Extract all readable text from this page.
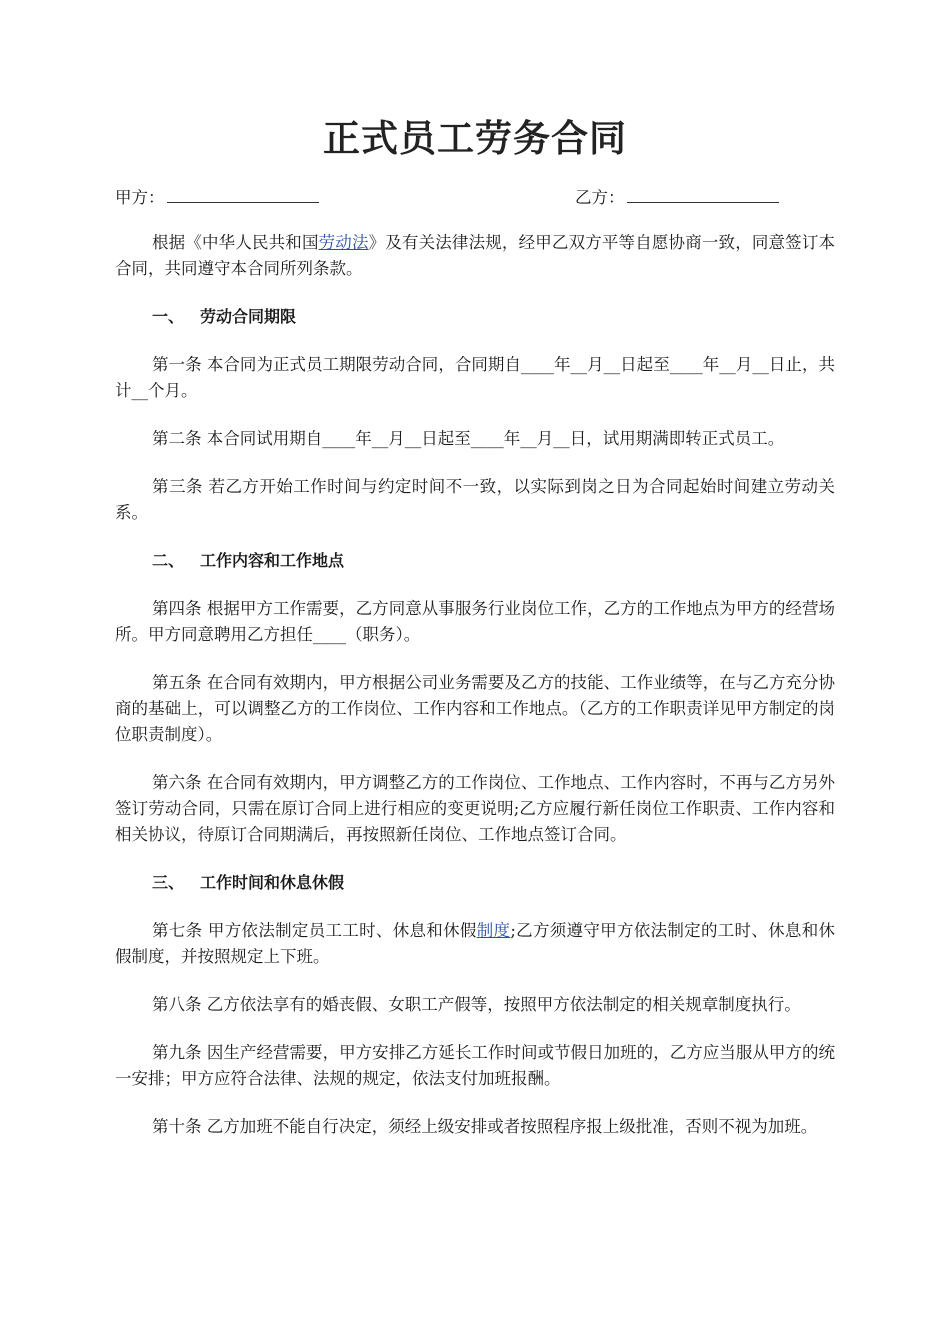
正式员工劳务合同
甲方：	乙方：

根据《中华人民共和国劳动法》及有关法律法规，经甲乙双方平等自愿协商一致，同意签订本合同，共同遵守本合同所列条款。

一、 劳动合同期限

第一条 本合同为正式员工期限劳动合同，合同期自____年__月__日起至____年__月__日止，共计__个月。

第二条 本合同试用期自____年__月__日起至____年__月__日，试用期满即转正式员工。

第三条 若乙方开始工作时间与约定时间不一致，以实际到岗之日为合同起始时间建立劳动关系。

二、 工作内容和工作地点

第四条 根据甲方工作需要，乙方同意从事服务行业岗位工作，乙方的工作地点为甲方的经营场所。甲方同意聘用乙方担任____（职务）。

第五条 在合同有效期内，甲方根据公司业务需要及乙方的技能、工作业绩等，在与乙方充分协商的基础上，可以调整乙方的工作岗位、工作内容和工作地点。（乙方的工作职责详见甲方制定的岗位职责制度）。

第六条 在合同有效期内，甲方调整乙方的工作岗位、工作地点、工作内容时，不再与乙方另外签订劳动合同，只需在原订合同上进行相应的变更说明;乙方应履行新任岗位工作职责、工作内容和相关协议，待原订合同期满后，再按照新任岗位、工作地点签订合同。

三、 工作时间和休息休假

第七条 甲方依法制定员工工时、休息和休假制度;乙方须遵守甲方依法制定的工时、休息和休假制度，并按照规定上下班。

第八条 乙方依法享有的婚丧假、女职工产假等，按照甲方依法制定的相关规章制度执行。

第九条 因生产经营需要，甲方安排乙方延长工作时间或节假日加班的，乙方应当服从甲方的统一安排；甲方应符合法律、法规的规定，依法支付加班报酬。

第十条 乙方加班不能自行决定，须经上级安排或者按照程序报上级批准，否则不视为加班。
